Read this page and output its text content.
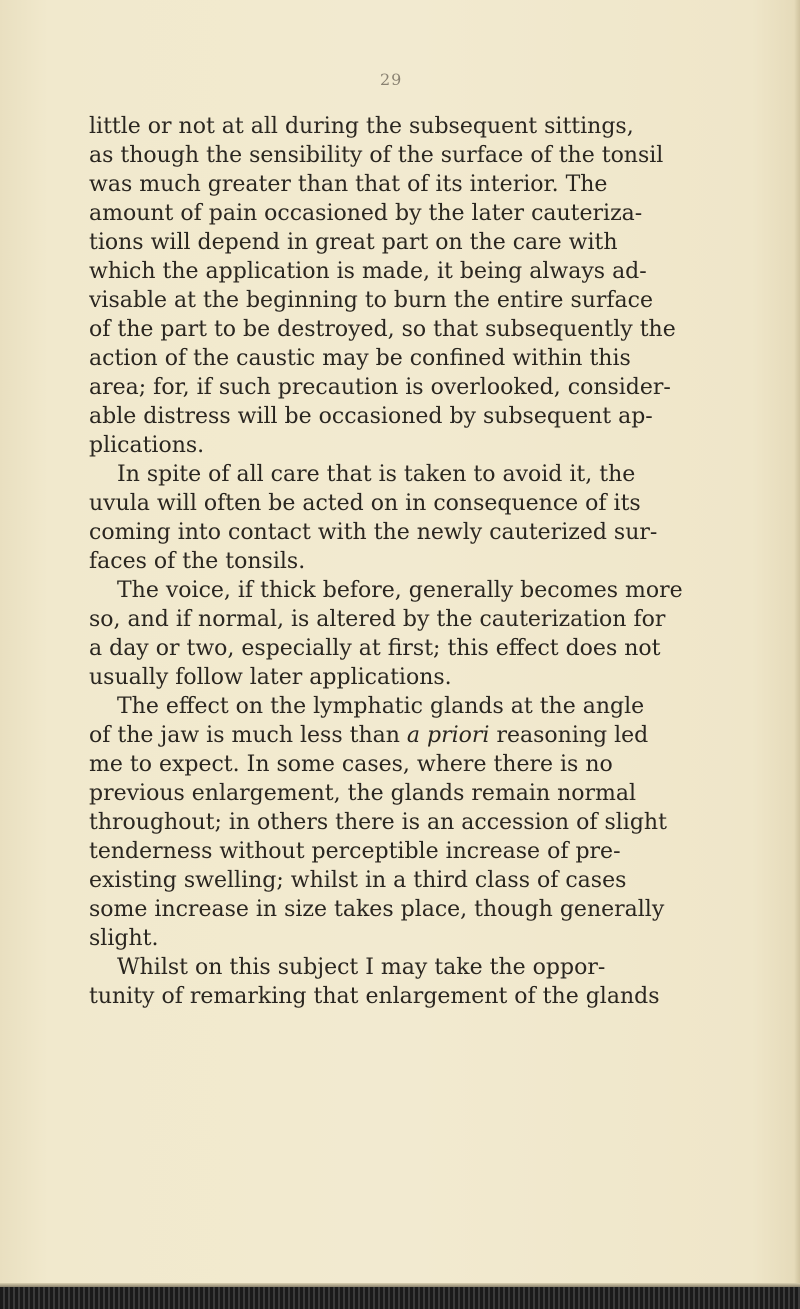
29
little or not at all during the subsequent sittings,
as though the sensibility of the surface of the tonsil
was much greater than that of its interior. The
amount of pain occasioned by the later cauteriza-
tions will depend in great part on the care with
which the application is made, it being always ad-
visable at the beginning to burn the entire surface
of the part to be destroyed, so that subsequently the
action of the caustic may be confined within this
area; for, if such precaution is overlooked, consider-
able distress will be occasioned by subsequent ap-
plications.
In spite of all care that is taken to avoid it, the
uvula will often be acted on in consequence of its
coming into contact with the newly cauterized sur-
faces of the tonsils.
The voice, if thick before, generally becomes more
so, and if normal, is altered by the cauterization for
a day or two, especially at first; this effect does not
usually follow later applications.
The effect on the lymphatic glands at the angle
of the jaw is much less than a priori reasoning led
me to expect. In some cases, where there is no
previous enlargement, the glands remain normal
throughout; in others there is an accession of slight
tenderness without perceptible increase of pre-
existing swelling; whilst in a third class of cases
some increase in size takes place, though generally
slight.
Whilst on this subject I may take the oppor-
tunity of remarking that enlargement of the glands
